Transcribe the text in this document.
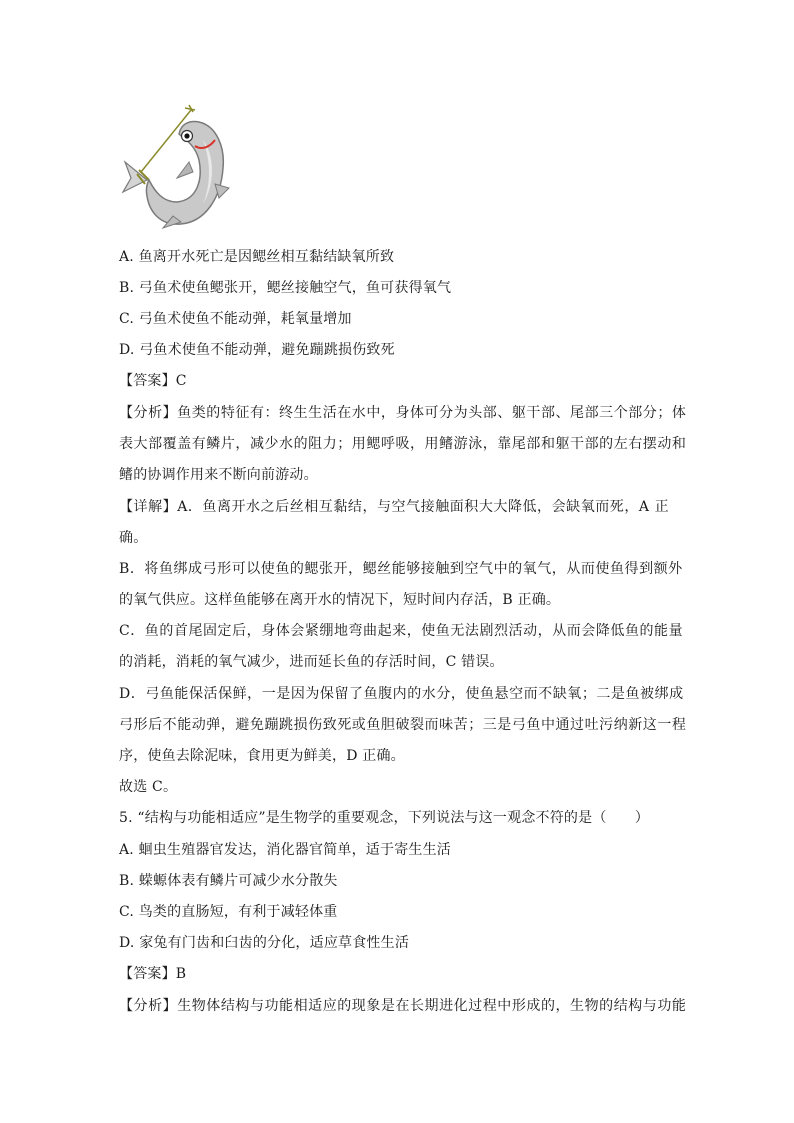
A. 鱼离开水死亡是因鳃丝相互黏结缺氧所致
B. 弓鱼术使鱼鳃张开，鳃丝接触空气，鱼可获得氧气
C. 弓鱼术使鱼不能动弹，耗氧量增加
D. 弓鱼术使鱼不能动弹，避免蹦跳损伤致死
【答案】C
【分析】鱼类的特征有：终生生活在水中，身体可分为头部、躯干部、尾部三个部分；体
表大部覆盖有鳞片，减少水的阻力；用鳃呼吸，用鳍游泳，靠尾部和躯干部的左右摆动和
鳍的协调作用来不断向前游动。
【详解】A．鱼离开水之后丝相互黏结，与空气接触面积大大降低，会缺氧而死，A 正
确。
B．将鱼绑成弓形可以使鱼的鳃张开，鳃丝能够接触到空气中的氧气，从而使鱼得到额外
的氧气供应。这样鱼能够在离开水的情况下，短时间内存活，B 正确。
C．鱼的首尾固定后，身体会紧绷地弯曲起来，使鱼无法剧烈活动，从而会降低鱼的能量
的消耗，消耗的氧气减少，进而延长鱼的存活时间，C 错误。
D．弓鱼能保活保鲜，一是因为保留了鱼腹内的水分，使鱼悬空而不缺氧；二是鱼被绑成
弓形后不能动弹，避免蹦跳损伤致死或鱼胆破裂而味苦；三是弓鱼中通过吐污纳新这一程
序，使鱼去除泥味，食用更为鲜美，D 正确。
故选 C。
5. “结构与功能相适应”是生物学的重要观念，下列说法与这一观念不符的是（　　）
A. 蛔虫生殖器官发达，消化器官简单，适于寄生生活
B. 蝾螈体表有鳞片可减少水分散失
C. 鸟类的直肠短，有利于减轻体重
D. 家兔有门齿和臼齿的分化，适应草食性生活
【答案】B
【分析】生物体结构与功能相适应的现象是在长期进化过程中形成的，生物的结构与功能
